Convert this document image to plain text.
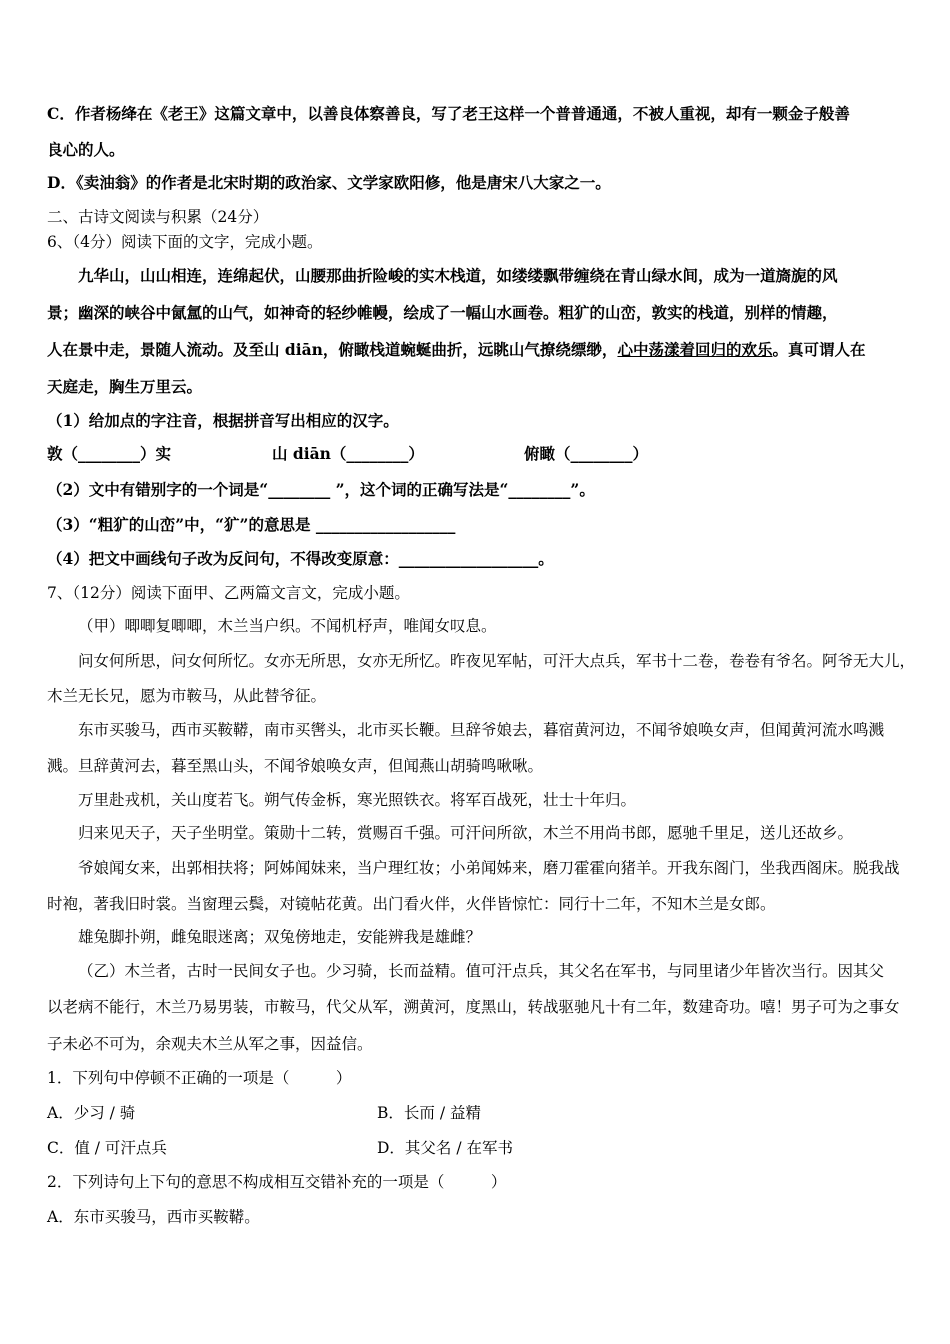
C．作者杨绛在《老王》这篇文章中，以善良体察善良，写了老王这样一个普普通通，不被人重视，却有一颗金子般善
良心的人。
D．《卖油翁》的作者是北宋时期的政治家、文学家欧阳修，他是唐宋八大家之一。
二、古诗文阅读与积累（24分）
6、（4分）阅读下面的文字，完成小题。
九华山，山山相连，连绵起伏，山腰那曲折险峻的实木栈道，如缕缕飘带缠绕在青山绿水间，成为一道旖旎的风
景；幽深的峡谷中氤氲的山气，如神奇的轻纱帷幔，绘成了一幅山水画卷。粗犷的山峦，敦实的栈道，别样的情趣，
人在景中走，景随人流动。及至山 diān，俯瞰栈道蜿蜒曲折，远眺山气撩绕缥缈，心中荡漾着回归的欢乐。真可谓人在
天庭走，胸生万里云。
（1）给加点的字注音，根据拼音写出相应的汉字。
敦（________）实	山 diān（________）	俯瞰（________）
（2）文中有错别字的一个词是“________ ”，这个词的正确写法是“________”。
（3）“粗犷的山峦”中，“犷”的意思是 __________________
（4）把文中画线句子改为反问句，不得改变原意：__________________。
7、（12分）阅读下面甲、乙两篇文言文，完成小题。
（甲）唧唧复唧唧，木兰当户织。不闻机杼声，唯闻女叹息。
问女何所思，问女何所忆。女亦无所思，女亦无所忆。昨夜见军帖，可汗大点兵，军书十二卷，卷卷有爷名。阿爷无大儿，
木兰无长兄，愿为市鞍马，从此替爷征。
东市买骏马，西市买鞍鞯，南市买辔头，北市买长鞭。旦辞爷娘去，暮宿黄河边，不闻爷娘唤女声，但闻黄河流水鸣溅
溅。旦辞黄河去，暮至黑山头，不闻爷娘唤女声，但闻燕山胡骑鸣啾啾。
万里赴戎机，关山度若飞。朔气传金柝，寒光照铁衣。将军百战死，壮士十年归。
归来见天子，天子坐明堂。策勋十二转，赏赐百千强。可汗问所欲，木兰不用尚书郎，愿驰千里足，送儿还故乡。
爷娘闻女来，出郭相扶将；阿姊闻妹来，当户理红妆；小弟闻姊来，磨刀霍霍向猪羊。开我东阁门，坐我西阁床。脱我战
时袍，著我旧时裳。当窗理云鬓，对镜帖花黄。出门看火伴，火伴皆惊忙：同行十二年，不知木兰是女郎。
雄兔脚扑朔，雌兔眼迷离；双兔傍地走，安能辨我是雄雌？
（乙）木兰者，古时一民间女子也。少习骑，长而益精。值可汗点兵，其父名在军书，与同里诸少年皆次当行。因其父
以老病不能行，木兰乃易男装，市鞍马，代父从军，溯黄河，度黑山，转战驱驰凡十有二年，数建奇功。嘻！男子可为之事女
子未必不可为，余观夫木兰从军之事，因益信。
1．下列句中停顿不正确的一项是（　　　）
A．少习 / 骑	B．长而 / 益精
C．值 / 可汗点兵	D．其父名 / 在军书
2．下列诗句上下句的意思不构成相互交错补充的一项是（　　　）
A．东市买骏马，西市买鞍鞯。
